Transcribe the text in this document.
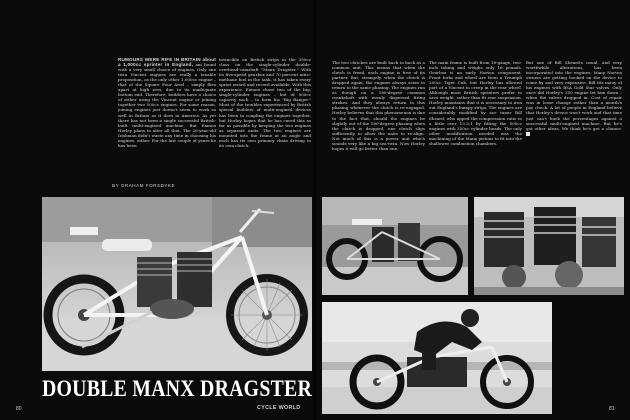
RUMOURS WERE RIFE IN BRITAIN about a 1,000cc sprinter in England, am found with a very small choice of engines. Only one twin Vincent engines are really a tenable proposition, as the only other 1,000cc engine – that of the Square Four Ariel – simply flies apart at high revs, due to its inadequate bottom end. Therefore, builders have a choice of either using the Vincent engine or joining together two 500cc engines. For some reason, joining engines just doesn't seem to work so well in Britain as it does in America. As yet there has not been a single successful British-built multi-engined machine. But Eamon Horley plans to alter all that. The 26-year-old Irishman didn't waste any time in choosing his engines, either. For the last couple of years he has been

invincible on British strips in the 350cc class on the single-cylinder double-overhead-camshaft "Manx Dragster." With its five-speed gearbox and 70 percent nitro-methane fuel in the tank, it has taken every sprint award and record available. With this experience, Eamon chose two of the big, single-cylinder engines – but of 500cc capacity each – to form his "Big Banger." Most of the troubles experienced by British special builders of multi-engined devices has been in coupling the engines together, but Horley hopes that he has cured this as far as possible by keeping the two engines as separate units. The two engines are mounted into the frame at an angle and each has its own primary chain driving to its own clutch.

BY GRAHAM FORSDYKE
DOUBLE MANX DRAGSTER
80	CYCLE WORLD

The two clutches are built back to back as a common unit. This means that when the clutch is freed, each engine is free of its partner. But, strangely, when the clutch is dropped again, the engines always seem to return to the same phasing. The engines run as though on a 180-degree common crankshaft with evenly dispersed firing strokes. And they always return to this phasing whenever the clutch is re-engaged. Horley believes that this phenomenon is due to the fact that, should the engines be slightly out of the 180-degree phasing when the clutch is dropped, one clutch slips sufficiently to allow the units to re-align. Not much of this is a power unit which sounds very like a big sea-twin. Now Horley hopes it will go better than one.

The main frame is built from 16-gauge, two-inch tubing and weighs only 16 pounds. Gearbox is an early Norton component. Front forks and wheel are from a Triumph 200cc Tiger Cub, but Horley has allowed part of a Vincent to creep in the rear wheel. Although most British sprinters prefer to save weight, rather than fit rear suspension, Horley maintains that it is necessary to iron out England's bumpy strips. The engines are considerably modified by ace tuner Bill Sheard, who upped the compression ratio to a little over 13.5:1 by fitting the 500cc engines with 350cc cylinder heads. The only other modification needed was the machining of the Manx pistons to fit into the shallower combustion chambers.

But one of Bill Sheard's usual, and very worthwhile alterations, has been incorporated into the engines. Many Norton owners are getting hooked on the device to come by and very expensive. Bill fits many of his engines with BSA Gold Star valves. Only once did Horley's 350 engine let him down – when the valves dropped in. Cost of repair was in loose change rather than a month's pay check. A lot of people in England believe that Horley's device won't work and that time just can't buck the percentages against a successful multi-engined machine. But he's got other ideas. We think he's got a chance.

81
